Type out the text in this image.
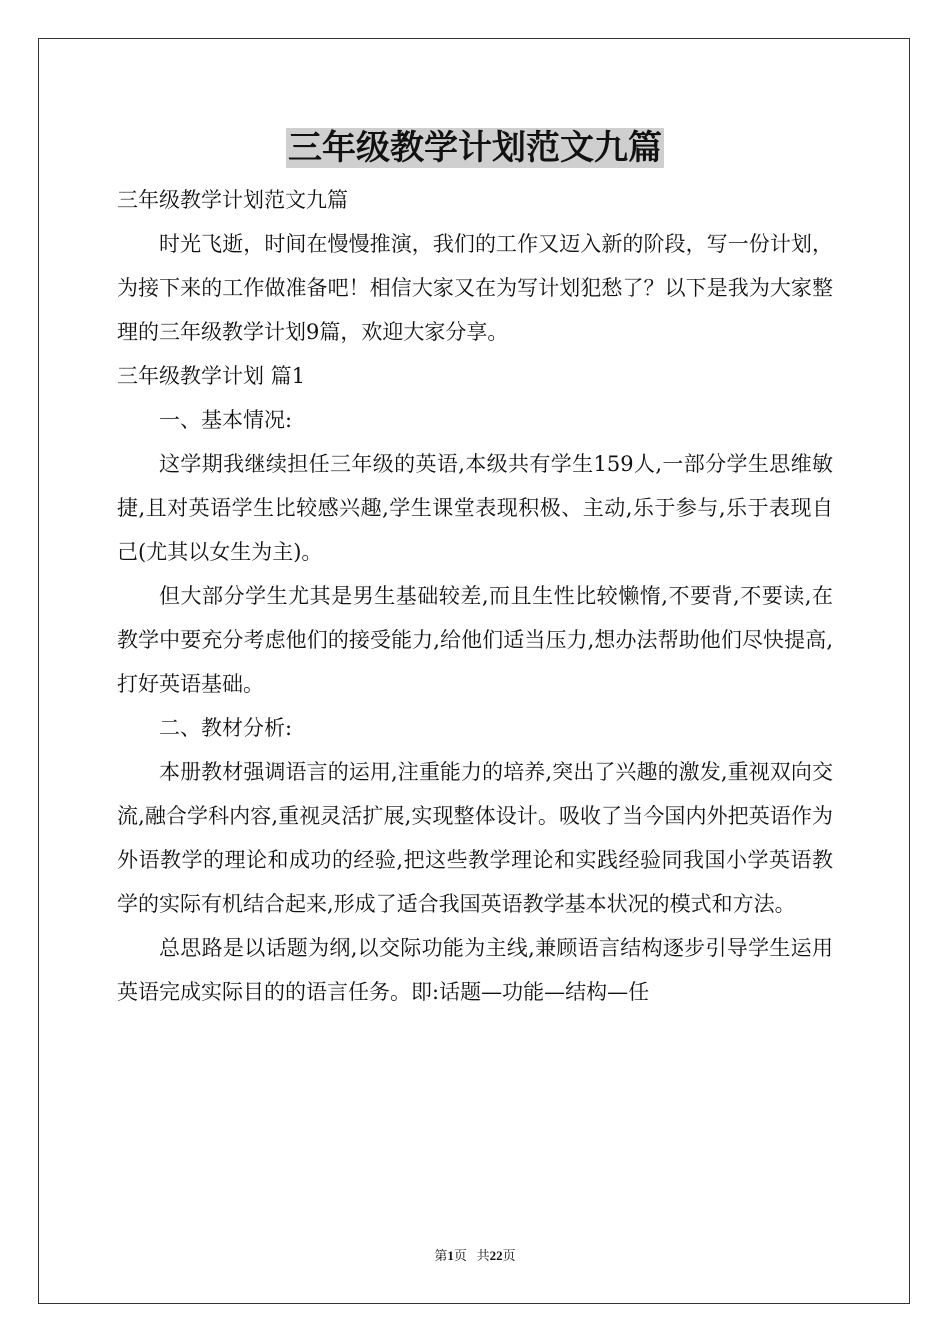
三年级教学计划范文九篇

三年级教学计划范文九篇

时光飞逝，时间在慢慢推演，我们的工作又迈入新的阶段，写一份计划，为接下来的工作做准备吧！相信大家又在为写计划犯愁了？以下是我为大家整理的三年级教学计划9篇，欢迎大家分享。

三年级教学计划 篇1

一、基本情况:

这学期我继续担任三年级的英语,本级共有学生159人,一部分学生思维敏捷,且对英语学生比较感兴趣,学生课堂表现积极、主动,乐于参与,乐于表现自己(尤其以女生为主)。

但大部分学生尤其是男生基础较差,而且生性比较懒惰,不要背,不要读,在教学中要充分考虑他们的接受能力,给他们适当压力,想办法帮助他们尽快提高,打好英语基础。

二、教材分析:

本册教材强调语言的运用,注重能力的培养,突出了兴趣的激发,重视双向交流,融合学科内容,重视灵活扩展,实现整体设计。吸收了当今国内外把英语作为外语教学的理论和成功的经验,把这些教学理论和实践经验同我国小学英语教学的实际有机结合起来,形成了适合我国英语教学基本状况的模式和方法。

总思路是以话题为纲,以交际功能为主线,兼顾语言结构逐步引导学生运用英语完成实际目的的语言任务。即:话题—功能—结构—任

第1页 共22页
